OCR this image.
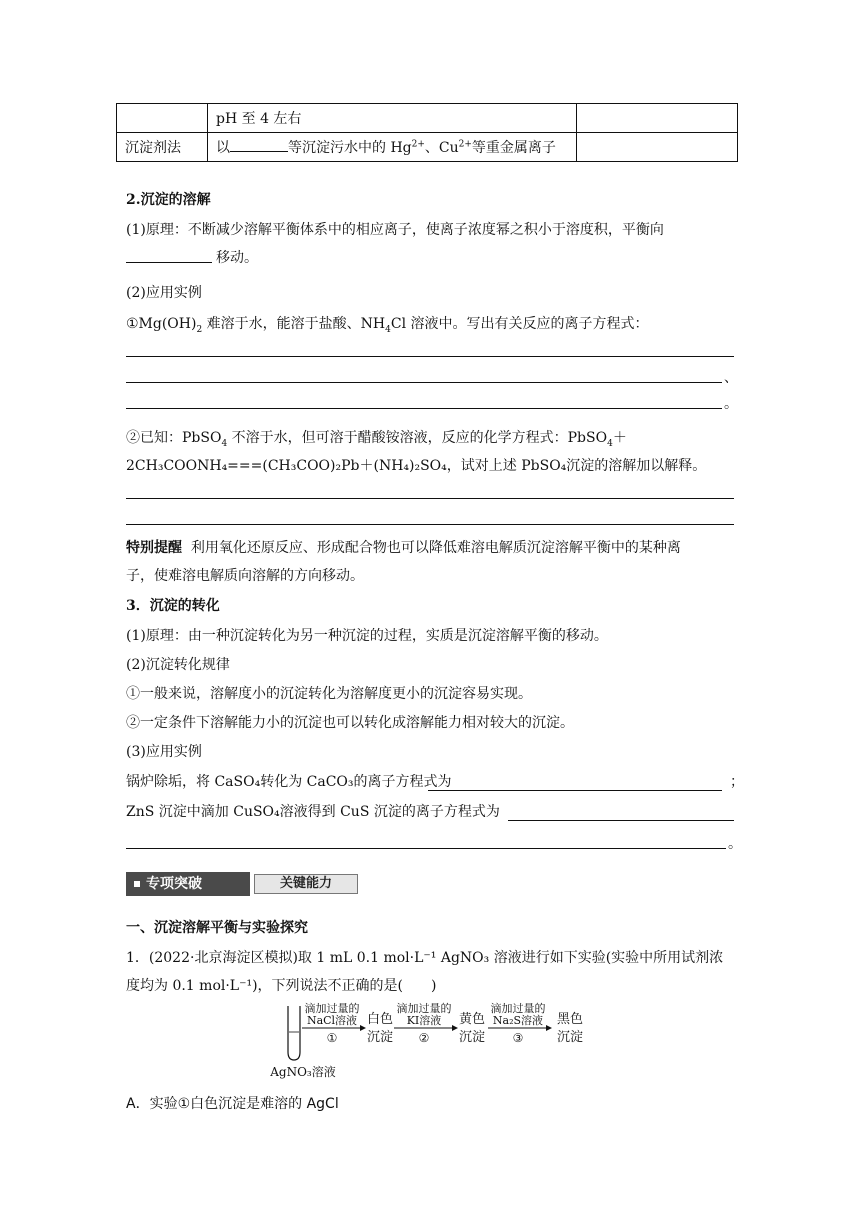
	pH 至 4 左右	
沉淀剂法	以 等沉淀污水中的 $Hg^{2+}$、$Cu^{2+}$等重金属离子	
2.沉淀的溶解
(1)原理：不断减少溶解平衡体系中的相应离子，使离子浓度幂之积小于溶度积，平衡向
移动。
(2)应用实例
$①Mg(OH)_2$ 难溶于水，能溶于盐酸、$NH_4Cl$ 溶液中。写出有关反应的离子方程式：
、
。
②已知：PbSO$_4$ 不溶于水，但可溶于醋酸铵溶液，反应的化学方程式：PbSO$_4$＋
2CH₃COONH₄===(CH₃COO)₂Pb＋(NH₄)₂SO₄，试对上述 PbSO₄沉淀的溶解加以解释。
特别提醒 利用氧化还原反应、形成配合物也可以降低难溶电解质沉淀溶解平衡中的某种离
子，使难溶电解质向溶解的方向移动。
3．沉淀的转化
(1)原理：由一种沉淀转化为另一种沉淀的过程，实质是沉淀溶解平衡的移动。
(2)沉淀转化规律
①一般来说，溶解度小的沉淀转化为溶解度更小的沉淀容易实现。
②一定条件下溶解能力小的沉淀也可以转化成溶解能力相对较大的沉淀。
(3)应用实例
锅炉除垢，将 CaSO₄转化为 CaCO₃的离子方程式为	；
ZnS 沉淀中滴加 CuSO₄溶液得到 CuS 沉淀的离子方程式为
。
专项突破	关键能力
一、沉淀溶解平衡与实验探究
1．(2022·北京海淀区模拟)取 1 mL 0.1 mol·L⁻¹ AgNO₃ 溶液进行如下实验(实验中所用试剂浓
度均为 0.1 mol·L⁻¹)，下列说法不正确的是(　　)
滴加过量的
NaCl溶液
①
白色
沉淀
滴加过量的
KI溶液
②
黄色
沉淀
滴加过量的
Na₂S溶液
③
黑色
沉淀
AgNO₃溶液
A．实验①白色沉淀是难溶的 AgCl
